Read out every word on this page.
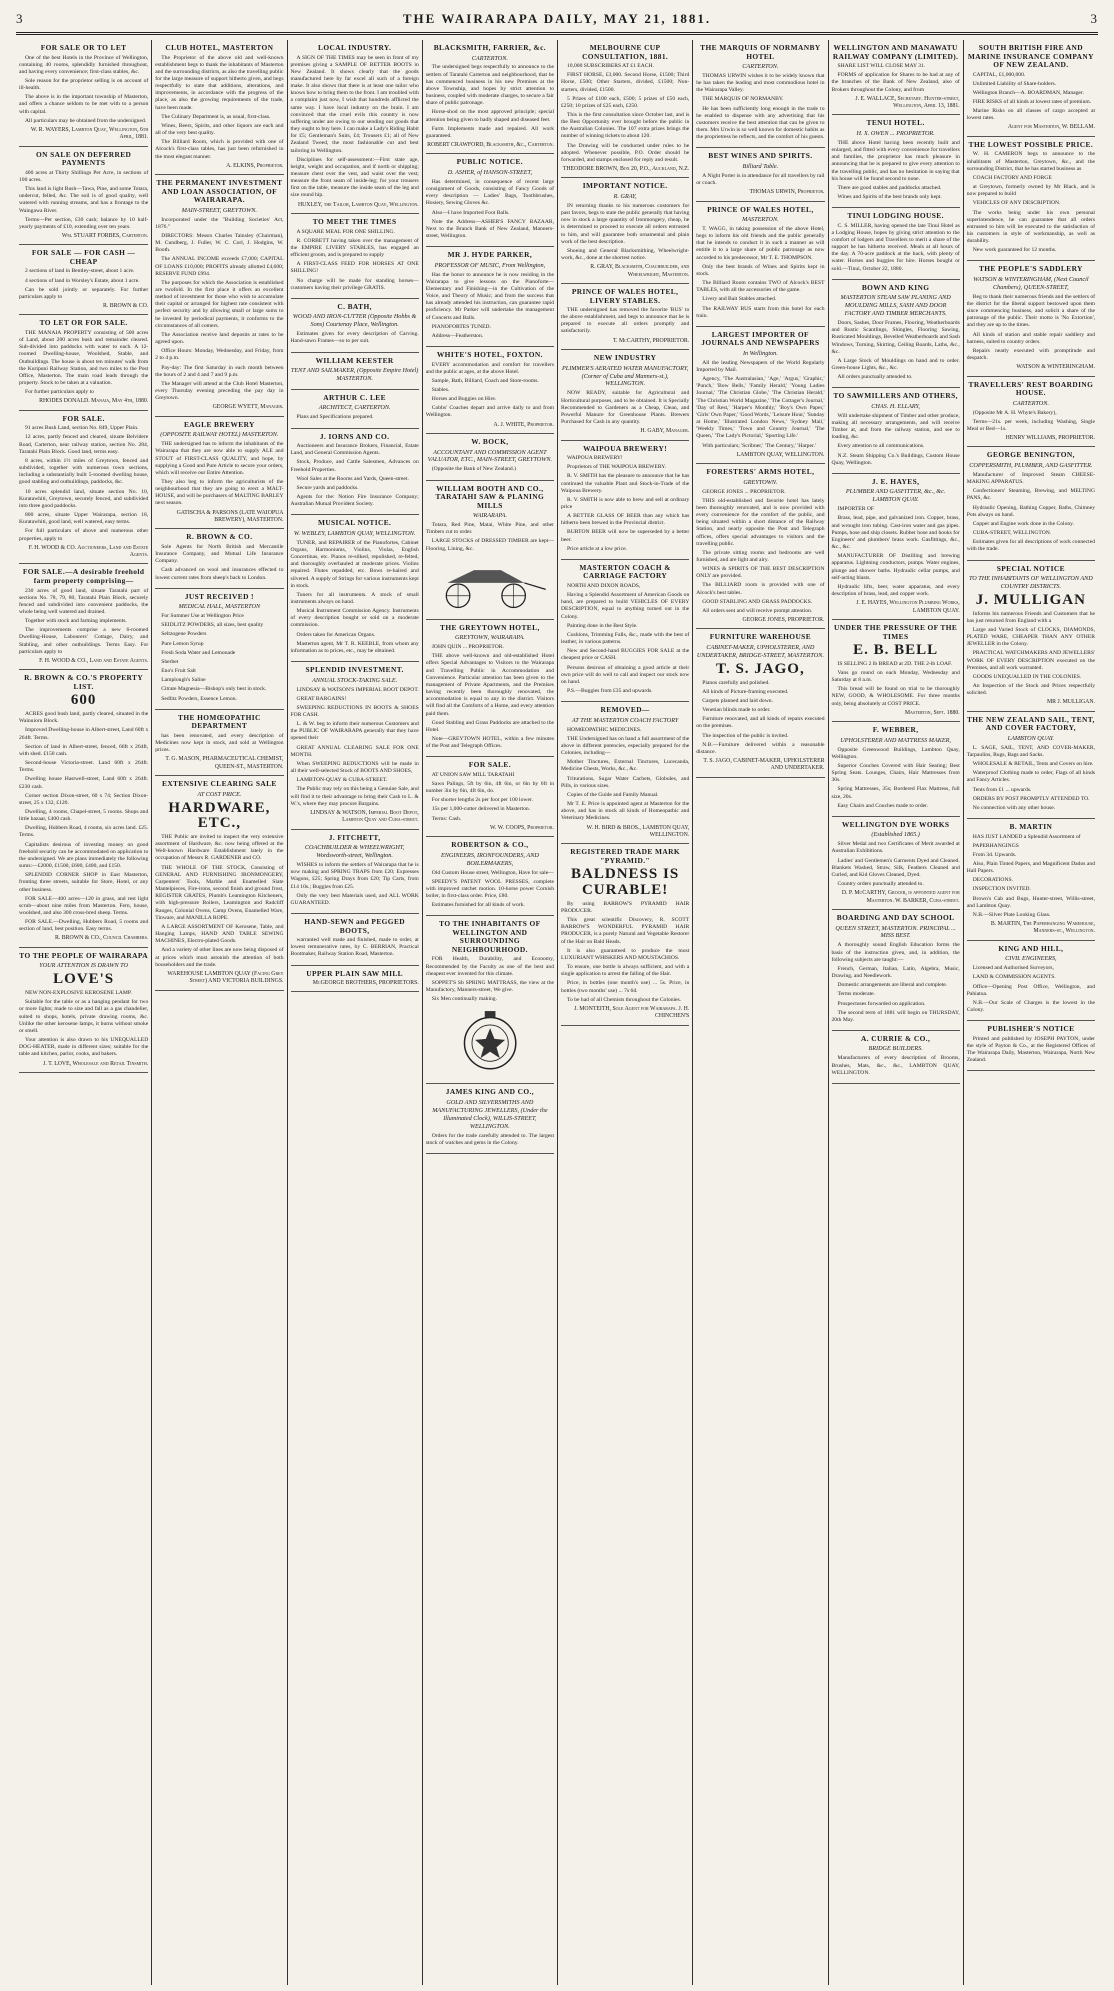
3	THE WAIRARAPA DAILY, MAY 21, 1881.	3
FOR SALE OR TO LET

One of the best Hotels in the Province of Wellington, containing 40 rooms, splendidly furnished throughout, and having every convenience; first-class stables, &c.

Sole reason for the proprietor selling is on account of ill-health.

The above is in the important township of Masterton, and offers a chance seldom to be met with to a person with capital.

All particulars may be obtained from the undersigned.

W. R. WAYERS, Lambton Quay, Wellington, 6th April, 1881.
ON SALE ON DEFERRED PAYMENTS

400 acres at Thirty Shillings Per Acre, in sections of 100 acres.

This land is light Bush—Tawa, Pine, and some Totara, undercut, felled, &c. The soil is of good quality, well watered with running streams, and has a frontage to the Waingawa River.

Terms—Per section, £30 cash; balance by 10 half-yearly payments of £10, extending over ten years.

Wm. STUART FORBES, Carterton.
FOR SALE — FOR CASH — CHEAP

2 sections of land in Bentley-street, about 1 acre.

4 sections of land in Worsley's Estate, about 1 acre.

Can be sold jointly or separately. For further particulars apply to

R. BROWN & CO.
TO LET OR FOR SALE.

THE MANAIA PROPERTY consisting of 500 acres of Land, about 200 acres bush and remainder cleared. Sub-divided into paddocks with water to each. A 12-roomed Dwelling-house, Woolshed, Stable, and Outbuildings. The house is about ten minutes' walk from the Kuripuni Railway Station, and two miles to the Post Office, Masterton. The main road leads through the property. Stock to be taken at a valuation.

For further particulars apply to

RHODES DONALD. Manaia, May 4th, 1880.
FOR SALE.

91 acres Bush Land, section No. 849, Upper Plain.

12 acres, partly fenced and cleared, situate Belvidere Road, Carterton, near railway station, section No. 284, Taratahi Plain Block. Good land, terms easy.

8 acres, within 1½ miles of Greytown, fenced and subdivided, together with numerous town sections, including a substantially built 5-roomed dwelling house, good stabling and outbuildings, paddocks, &c.

10 acres splendid land, situate section No. 10, Kuratawhiti, Greytown, securely fenced, and subdivided into three good paddocks.

800 acres, situate Upper Wairarapa, section 18, Kuratawhiti, good land, well watered, easy terms.

For full particulars of above and numerous other properties, apply to

F. H. WOOD & CO. Auctioneers, Land and Estate Agents.
FOR SALE.—A desirable freehold farm property comprising—

230 acres of good land, situate Taratahi part of sections No. 78, 79, 80, Taratahi Plain Block, securely fenced and subdivided into convenient paddocks, the whole being well watered and drained.

Together with stock and farming implements.

The improvements comprise a new 6-roomed Dwelling-House, Labourers' Cottage, Dairy, and Stabling, and other outbuildings. Terms Easy. For particulars apply to

F. H. WOOD & CO., Land and Estate Agents.
R. BROWN & CO.'S PROPERTY LIST.
600

ACRES good bush land, partly cleared, situated in the Wainuioru Block.

Improved Dwelling-house in Albert-street, Land 60ft x 264ft. Terms.

Section of land in Albert-street, fenced, 66ft x 264ft, with shed. £150 cash.

Second-house Victoria-street. Land 60ft x 264ft. Terms.

Dwelling house Hastwell-street, Land 60ft x 264ft. £230 cash.

Corner section Dixon-street, 60 x 74; Section Dixon-street, 25 x 132, £120.

Dwelling, 4 rooms, Chapel-street, 5 rooms. Shops and little bazaar, £400 cash.

Dwelling, Hubbers Road, 4 rooms, six acres land. £25. Terms.

Capitalists desirous of investing money on good freehold security can be accommodated on application to the undersigned. We are plans immediately the following sums:—£2000, £1500, £600, £400, and £150.

SPLENDID CORNER SHOP in East Masterton, fronting three streets, suitable for Store, Hotel, or any other business.

FOR SALE—400 acres—120 in grass, and rest light scrub—about nine miles from Masterton. Fern, house, woolshed, and also 300 cross-bred sheep. Terms.

FOR SALE.—Dwelling, Hubbers Road, 5 rooms and section of land, best position. Easy terms.

R. BROWN & CO., Council Chambers.
TO THE PEOPLE OF WAIRARAPA
YOUR ATTENTION IS DRAWN TO
LOVE'S

NEW NON-EXPLOSIVE KEROSENE LAMP.

Suitable for the table or as a hanging pendant for two or more lights; made to size and fall as a gas chandelier, suited to shops, hotels, private drawing rooms, &c. Unlike the other kerosene lamps, it burns without smoke or smell.

Your attention is also drawn to his UNEQUALLED DOG-HEATER, made in different sizes; suitable for the table and kitchen, parlor, cooks, and bakers.

J. T. LOVE, Wholesale and Retail Tinsmith.
CLUB HOTEL, MASTERTON

The Proprietor of the above old and well-known establishment begs to thank the inhabitants of Masterton and the surrounding districts, as also the travelling public for the large measure of support hitherto given, and begs respectfully to state that additions, alterations, and improvements, in accordance with the progress of the place, as also the growing requirements of the trade, have been made.

The Culinary Department is, as usual, first-class.

Wines, Beers, Spirits, and other liquors are each and all of the very best quality.

The Billiard Room, which is provided with one of Alcock's first-class tables, has just been refurnished in the most elegant manner.

A. ELKINS, Proprietor.
THE PERMANENT INVESTMENT AND LOAN ASSOCIATION, OF WAIRARAPA.
MAIN-STREET, GREYTOWN.

Incorporated under the "Building Societies' Act, 1876."

DIRECTORS: Messrs Charles Tainsley (Chairman), M. Cundberg, J. Fuller, W. C. Corl, J. Hodgins, W. Booth.

The ANNUAL INCOME exceeds £7,000; CAPITAL OF LOANS £10,000; PROFITS already allotted £4,600; RESERVE FUND £994.

The purposes for which the Association is established are twofold. In the first place it offers an excellent method of investment for those who wish to accumulate their capital or arranged for highest rate consistent with perfect security and by allowing small or large sums to be invested by periodical payments, it conforms to the circumstances of all comers.

The Association receive land deposits at rates to be agreed upon.

Office Hours: Monday, Wednesday, and Friday, from 2 to 4 p.m.

Pay-day: The first Saturday in each month between the hours of 2 and 4 and 7 and 9 p.m.

The Manager will attend at the Club Hotel Masterton, every Thursday evening preceding the pay day in Greytown.

GEORGE WYETT, Manager.
EAGLE BREWERY
(OPPOSITE RAILWAY HOTEL) MASTERTON.

THE undersigned has to inform the inhabitants of the Wairarapa that they are now able to supply ALE and STOUT of FIRST-CLASS QUALITY, and hope, by supplying a Good and Pure Article to secure your orders, which will receive our Entire Attention.

They also beg to inform the agriculturists of the neighbourhood that they are going to erect a MALT-HOUSE, and will be purchasers of MALTING BARLEY next season.

GATISCHA & PARSONS (LATE WAIOPUA BREWERY), MASTERTON.
R. BROWN & CO.

Sole Agents for North British and Mercantile Insurance Company, and Mutual Life Insurance Company.

Cash advanced on wool and insurances effected to lowest current rates from sheep's back to London.

JUST RECEIVED !
MEDICAL HALL, MASTERTON

For Summer Use at Wellington Price

SEIDLITZ POWDERS, all sizes, best quality

Seltzogene Powders

Pure Lemon Syrup

Fresh Soda Water and Lemonade

Sherbet

Eno's Fruit Salt

Lamplough's Saline

Citrate Magnesia—Bishop's only best in stock.

Sedlitz Powders, Essence Lemon.

THE HOMŒOPATHIC DEPARTMENT

has been renovated, and every description of Medicines now kept in stock, and sold at Wellington prices.

T. G. MASON, PHARMACEUTICAL CHEMIST, QUEEN-ST., MASTERTON.
EXTENSIVE CLEARING SALE
AT COST PRICE.
HARDWARE, ETC.,

THE Public are invited to inspect the very extensive assortment of Hardware, &c. now being offered at the Well-known Hardware Establishment lately in the occupation of Messrs R. GARDENER and CO.

THE WHOLE OF THE STOCK, Consisting of GENERAL AND FURNISHING IRONMONGERY, Carpenters' Tools, Marble and Enamelled Slate Mantelpieces, Fire-irons, second finish and ground frost, REGISTER GRATES, Plumb's Leamington Kitcheners, with high-pressure Boilers, Leamington and Radcliff Ranges, Colonial Ovens, Camp Ovens, Enamelled Ware, Tinware, and MANILLA ROPE.

A LARGE ASSORTMENT OF Kerosene, Table, and Hanging Lamps, HAND AND TABLE SEWING MACHINES, Electro-plated Goods.

And a variety of other lines are now being disposed of at prices which must astonish the attention of both householders and the trade.

WAREHOUSE LAMBTON QUAY (Facing Grey Street) AND VICTORIA BUILDINGS.
LOCAL INDUSTRY.

A SIGN OF THE TIMES may be seen in front of my premises giving a SAMPLE OF BETTER BOOTS in New Zealand. It shows clearly that the goods manufactured here by far excel all such of a foreign make. It also shows that there is at least one tailor who knows how to bring them to the front. I am troubled with a complaint just now, I wish that hundreds afflicted the same way. I have local industry on the brain. I am convinced that the cruel evils this country is now suffering under are owing to our sending our goods that they ought to buy here. I can make a Lady's Riding Habit for £5; Gentleman's Suits, £4; Trousers £1; all of New Zealand Tweed, the most fashionable cut and best tailoring in Wellington.

Disciplines for self-assessment:—First state age, height, weight and occupation, and if north or shipping; measure chest over the vest, and waist over the vest; measure the front seam of inside-leg; for your trousers first on the table, measure the inside seam of the leg and size round hip.

HUXLEY, the Tailor, Lambton Quay, Wellington.
TO MEET THE TIMES

A SQUARE MEAL FOR ONE SHILLING.

R. CORBETT having taken over the management of the EMPIRE LIVERY STABLES, has engaged an efficient groom, and is prepared to supply

A FIRST-CLASS FEED FOR HORSES AT ONE SHILLING!

No charge will be made for standing horses—customers having their privilege GRATIS.

C. BATH,
WOOD AND IRON-CUTTER (Opposite Hobbs & Sons) Courtenay Place, Wellington.

Estimates given for every description of Carving. Hand-sawn Frames—so to per suit.

WILLIAM KEESTER
TENT AND SAILMAKER, (Opposite Empire Hotel) MASTERTON.
ARTHUR C. LEE
ARCHITECT, CARTERTON.

Plans and Specifications prepared.

J. IORNS AND CO.

Auctioneers and Insurance Brokers, Financial, Estate Land, and General Commission Agents.

Stock, Produce, and Cattle Salesmen, Advances on Freehold Properties.

Wool Sales at the Rooms and Yards, Queen-street.

Secure yards and paddocks.

Agents for the: Notion Fire Insurance Company; Australian Mutual Provident Society.

MUSICAL NOTICE.
W. WEBLEY, LAMBTON QUAY, WELLINGTON.

TUNER, and REPAIRER of the Pianofortes, Cabinet Organs, Harmoniums, Violins, Violas, English Concertinas, etc. Pianos re-silked, repolished, re-felted, and thoroughly overhauled at moderate prices. Violins repaired. Flutes repadded, etc. Bows re-haired and silvered. A supply of Strings for various instruments kept in stock.

Tuners for all instruments. A stock of small instruments always on hand.

Musical Instrument Commission Agency. Instruments of every description bought or sold on a moderate commission.

Orders taken for American Organs.

Masterton agent, Mr T. R. KEEBLE, from whom any information as to prices, etc., may be obtained.

SPLENDID INVESTMENT.
ANNUAL STOCK-TAKING SALE.

LINDSAY & WATSON'S IMPERIAL BOOT DEPOT.

GREAT BARGAINS!

SWEEPING REDUCTIONS IN BOOTS & SHOES FOR CASH.

L. & W. beg to inform their numerous Customers and the PUBLIC OF WAIRARAPA generally that they have opened their

GREAT ANNUAL CLEARING SALE FOR ONE MONTH.

When SWEEPING REDUCTIONS will be made in all their well-selected Stock of BOOTS AND SHOES,

LAMBTON-QUAY & CUBA-STREET.

The Public may rely on this being a Genuine Sale, and will find it to their advantage to bring their Cash to L. & W.'s, where they may procure Bargains.

LINDSAY & WATSON, Imperial Boot Depot, Lambton Quay and Cuba-street.
J. FITCHETT,
COACHBUILDER & WHEELWRIGHT, Wordsworth-street, Wellington.

WISHES to inform the settlers of Wairarapa that he is now making and SPRING TRAPS from £20; Expresses Wagons, £25; Spring Drays from £20; Tip Carts, from £14 10s.; Buggies from £25.

Only the very best Materials used, and ALL WORK GUARANTEED.

HAND-SEWN and PEGGED BOOTS,

warranted well made and finished, made to order, at lowest remunerative rates, by C. BERRIAN, Practical Bootmaker, Railway Station Road, Masterton.

UPPER PLAIN SAW MILL
McGEORGE BROTHERS, PROPRIETORS.
BLACKSMITH, FARRIER, &c.
CARTERTON.

The undersigned begs respectfully to announce to the settlers of Taratahi Carterton and neighbourhood, that he has commenced business in his new Premises at the above Township, and hopes by strict attention to business, coupled with moderate charges, to secure a fair share of public patronage.

Horse-shod on the most approved principle; special attention being given to badly shaped and diseased feet.

Farm Implements made and repaired. All work guaranteed.

ROBERT CRAWFORD, Blacksmith, &c., Carterton.
PUBLIC NOTICE.
D. ASHER, of HANSON-STREET,

Has determined, in consequence of recent large consignment of Goods, consisting of Fancy Goods of every description — Ladies' Bags, Toothbrushes, Hosiery, Sewing Gloves &c.

Also—I have Imported Foot Balls.

Note the Address—ASHER'S FANCY BAZAAR, Next to the Branch Bank of New Zealand, Manners-street, Wellington.

MR J. HYDE PARKER,
PROFESSOR OF MUSIC, From Wellington,

Has the honor to announce he is now residing in the Wairarapa to give lessons on the Pianoforte—Elementary and Finishing—in the Cultivation of the Voice, and Theory of Music; and from the success that has already attended his instruction, can guarantee rapid proficiency. Mr Parker will undertake the management of Concerts and Balls.

PIANOFORTES TUNED.

Address—Featherston.

WHITE'S HOTEL, FOXTON.

EVERY accommodation and comfort for travellers and the public at ages, at the above Hotel.

Sample, Bath, Billiard, Coach and Store-rooms.

Stables.

Horses and Buggies on Hire.

Cobbs' Coaches depart and arrive daily to and from Wellington.

A. J. WHITE, Proprietor.
W. BOCK,
ACCOUNTANT AND COMMISSION AGENT VALUATOR, ETC., MAIN-STREET, GREYTOWN.

(Opposite the Bank of New Zealand.)

WILLIAM BOOTH AND CO., TARATAHI SAW & PLANING MILLS
WAIRARAPA.

Totara, Red Pine, Matai, White Pine, and other Timbers cut to order.

LARGE STOCKS of DRESSED TIMBER are kept—Flooring, Lining, &c.

THE GREYTOWN HOTEL,
GREYTOWN, WAIRARAPA.

JOHN QUIN ... PROPRIETOR.

THE above well-known and old-established Hotel offers Special Advantages to Visitors to the Wairarapa and Travelling Public in Accommodation and Convenience. Particular attention has been given to the management of Private Apartments, and the Premises having recently been thoroughly renovated, the accommodation is equal to any in the district. Visitors will find all the Comforts of a Home, and every attention paid them.

Good Stabling and Grass Paddocks are attached to the Hotel.

Note—GREYTOWN HOTEL, within a few minutes of the Post and Telegraph Offices.

FOR SALE.

AT UNION SAW MILL TARATAHI

Sawn Palings, 5ft by 6in, 4ft 6in, or 6in by 6ft in number 3in by 6in, 4ft 6in, do.

For shorter lengths 2s per foot per 100 lower.

15s per 1,000-cutter delivered in Masterton.

Terms: Cash.

W. W. COOPS, Proprietor.
ROBERTSON & CO.,
ENGINEERS, IRONFOUNDERS, AND BOILERMAKERS,

Old Custom House street, Wellington, Have for sale—

SPEEDY'S PATENT WOOL PRESSES, complete with improved ratchet motion. 10-horse power Cornish boiler, in first-class order. Price, £80.

Estimates furnished for all kinds of work.

TO THE INHABITANTS OF WELLINGTON AND SURROUNDING NEIGHBOURHOOD.

FOR Health, Durability, and Economy, Recommended by the Faculty as one of the best and cheapest ever invented for this climate.

SOPPET'S Sb SPRING MATTRASS, the view at the Manufactory, Manners-street, We give.

Six Men continually making.

JAMES KING AND CO.,
GOLD AND SILVERSMITHS AND MANUFACTURING JEWELLERS, (Under the Illuminated Clock), WILLIS-STREET, WELLINGTON.

Orders for the trade carefully attended to. The largest stock of watches and gems in the Colony.

MELBOURNE CUP CONSULTATION, 1881.

10,000 SUBSCRIBERS AT £1 EACH.

FIRST HORSE, £3,000. Second Horse, £1500; Third Horse, £500; Other Starters, divided, £1500; Non-starters, divided, £1500.

5 Prizes of £100 each, £500; 5 prizes of £50 each, £250; 10 prizes of £25 each, £250.

This is the first consultation since October last, and is the Best Opportunity ever brought before the public in the Australian Colonies. The 107 extra prizes brings the number of winning tickets to about 120.

The Drawing will be conducted under rules to be adopted. Whenever possible, P.O. Order should be forwarded, and stamps enclosed for reply and result.

THEODORE BROWN, Box 20, P.O., Auckland, N.Z.
IMPORTANT NOTICE.
R. GRAY,

IN returning thanks to his numerous customers for past favors, begs to state the public generally that having now in stock a large quantity of Ironmongery, cheap, he is determined to proceed to execute all orders entrusted to him, and will guarantee both ornamental and plain work of the best description.

Shoeing and General Blacksmithing, Wheelwright-work, &c., done at the shortest notice.

R. GRAY, Blacksmith, Coachbuilder, and Wheelwright, Masterton.
PRINCE OF WALES HOTEL, LIVERY STABLES.

THE undersigned has removed the favorite 'BUS' to the above establishment, and begs to announce that he is prepared to execute all orders promptly and satisfactorily.

T. McCARTHY, PROPRIETOR.
NEW INDUSTRY
PLIMMER'S AERATED WATER MANUFACTORY, (Corner of Cuba and Manners-st.), WELLINGTON.

NOW READY, suitable for Agricultural and Horticultural purposes, and to be obtained. It is Specially Recommended to Gardeners as a Cheap, Clean, and Powerful Manure for Greenhouse Plants. Brewers Purchased for Cash in any quantity.

H. GABY, Manager.
WAIPOUA BREWERY!

WAIPOUA BREWERY!

Proprietors of THE WAIPOUA BREWERY.

R. V. SMITH has the pleasure to announce that he has continued the valuable Plant and Stock-in-Trade of the Waipoua Brewery.

R. V. SMITH is now able to brew and sell at ordinary price

A BETTER GLASS OF BEER than any which has hitherto been brewed in the Provincial district.

BURTON BEER will now be superseded by a better beer.

Price article at a low price.

MASTERTON COACH & CARRIAGE FACTORY

NORTH AND DIXON ROADS,

Having a Splendid Assortment of American Goods on hand, are prepared to build VEHICLES OF EVERY DESCRIPTION, equal to anything turned out in the Colony.

Painting done in the Best Style.

Cushions, Trimming Falls, &c., made with the best of leather, in various patterns.

New and Second-hand BUGGIES FOR SALE at the cheapest price or CASH.

Persons desirous of obtaining a good article at their own price will do well to call and inspect our stock now on hand.

P.S.—Buggies from £35 and upwards.

REMOVED—
AT THE MASTERTON COACH FACTORY

HOMŒOPATHIC MEDICINES.

THE Undersigned has on hand a full assortment of the above in different potencies, especially prepared for the Colonies, including—

Mother Tinctures, External Tinctures, Lucecanda, Medicine Chests, Works, &c., &c.

Triturations, Sugar Water Cachets, Globules, and Pills, in various sizes.

Copies of the Guide and Family Manual.

Mr T. E. Price is appointed agent at Masterton for the above, and has in stock all kinds of Homeopathic and Veterinary Medicines.

W. H. BIRD & BROS., LAMBTON QUAY, WELLINGTON.
REGISTERED TRADE MARK "PYRAMID."
BALDNESS IS CURABLE!

By using BARROW'S PYRAMID HAIR PRODUCER.

This great scientific Discovery, R. SCOTT BARROW'S WONDERFUL PYRAMID HAIR PRODUCER, is a purely Natural and Vegetable Restorer of the Hair on Bald Heads.

It is also guaranteed to produce the most LUXURIANT WHISKERS AND MOUSTACHIOS.

To ensure, one bottle is always sufficient, and with a single application to arrest the falling of the Hair.

Price, in bottles (one month's use) ... 5s. Price, in bottles (two months' use) ... 7s 6d.

To be had of all Chemists throughout the Colonies.

J. MONTEITH, Sole Agent for Wairarapa. J. H. CHINCHEN'S
THE MARQUIS OF NORMANBY HOTEL
CARTERTON.

THOMAS URWIN wishes it to be widely known that he has taken the leading and most commodious hotel in the Wairarapa Valley.

THE MARQUIS OF NORMANBY.

He has been sufficiently long enough in the trade to be enabled to dispense with any advertising that his customers receive the best attention that can be given to them. Mrs Urwin is so well known for domestic habits as the proprietress he reflects, and the comfort of his guests.

BEST WINES AND SPIRITS.
Billiard Table.

A Night Porter is in attendance for all travellers by rail or coach.

THOMAS URWIN, Proprietor.
PRINCE OF WALES HOTEL,
MASTERTON.

T. WAGG, in taking possession of the above Hotel, begs to inform his old friends and the public generally that he intends to conduct it in such a manner as will entitle it to a large share of public patronage as now accorded to his predecessor, Mr T. E. THOMPSON.

Only the best brands of Wines and Spirits kept in stock.

The Billiard Room contains TWO of Alcock's BEST TABLES, with all the accessories of the game.

Livery and Bait Stables attached.

The RAILWAY BUS starts from this hotel for each train.

LARGEST IMPORTER OF JOURNALS AND NEWSPAPERS
In Wellington.

All the leading Newspapers of the World Regularly Imported by Mail.

Agency, 'The Australasian,' 'Age,' 'Argus,' 'Graphic,' 'Punch,' 'Bow Bells,' 'Family Herald,' 'Young Ladies Journal,' 'The Christian Globe,' 'The Christian Herald,' 'The Christian World Magazine,' 'The Cottager's Journal,' 'Day of Rest,' 'Harper's Monthly,' 'Boy's Own Paper,' 'Girls' Own Paper,' 'Good Words,' 'Leisure Hour,' 'Sunday at Home,' 'Illustrated London News,' 'Sydney Mail,' 'Weekly Times,' 'Town and Country Journal,' 'The Queen,' 'The Lady's Pictorial,' 'Sporting Life.'

With particulars; 'Scribner,' 'The Century,' 'Harper.'

LAMBTON QUAY, WELLINGTON.
FORESTERS' ARMS HOTEL,
GREYTOWN.

GEORGE JONES ... PROPRIETOR.

THIS old-established and favorite hotel has lately been thoroughly renovated, and is now provided with every convenience for the comfort of the public, and being situated within a short distance of the Railway Station, and nearly opposite the Post and Telegraph offices, offers special advantages to visitors and the travelling public.

The private sitting rooms and bedrooms are well furnished, and are light and airy.

WINES & SPIRITS OF THE BEST DESCRIPTION ONLY are provided.

The BILLIARD room is provided with one of Alcock's best tables.

GOOD STABLING AND GRASS PADDOCKS.

All orders sent and will receive prompt attention.

GEORGE JONES, PROPRIETOR.
FURNITURE WAREHOUSE
CABINET-MAKER, UPHOLSTERER, AND UNDERTAKER, BRIDGE-STREET, MASTERTON.
T. S. JAGO,

Pianos carefully and polished.

All kinds of Picture-framing executed.

Carpets planned and laid down.

Venetian blinds made to order.

Furniture renovated, and all kinds of repairs executed on the premises.

The inspection of the public is invited.

N.B.—Furniture delivered within a reasonable distance.

T. S. JAGO, CABINET-MAKER, UPHOLSTERER AND UNDERTAKER.
WELLINGTON AND MANAWATU RAILWAY COMPANY (LIMITED).

SHARE LIST WILL CLOSE MAY 31.

FORMS of application for Shares to be had at any of the branches of the Bank of New Zealand, also of Brokers throughout the Colony, and from

J. E. WALLACE, Secretary. Hunter-street, Wellington, April 13, 1881.
TENUI HOTEL.
H. X. OWEN ... PROPRIETOR.

THE above Hotel having been recently built and enlarged, and fitted with every convenience for travellers and families, the proprietor has much pleasure in announcing that he is prepared to give every attention to the travelling public, and has no hesitation in saying that his house will be found second to none.

There are good stables and paddocks attached.

Wines and Spirits of the best brands only kept.

TINUI LODGING HOUSE.

C. S. MILLER, having opened the late Tinui Hotel as a Lodging House, hopes by giving strict attention to the comfort of lodgers and Travellers to merit a share of the support he has hitherto received. Meals at all hours of the day. A 70-acre paddock at the back, with plenty of water. Horses and buggies for hire. Horses bought or sold.—Tinui, October 22, 1880.

BOWN AND KING
MASTERTON STEAM SAW PLANING AND MOULDING MILLS, SASH AND DOOR FACTORY AND TIMBER MERCHANTS.

Doors, Sashes, Door Frames, Flooring, Weatherboards and Rustic Scantlings, Shingles, Flooring Sawing, Rusticated Mouldings, Bevelled Weatherboards and Sash Windows, Turning, Skirting, Ceiling Boards, Laths, &c., &c.

A Large Stock of Mouldings on hand and to order. Green-house Lights, &c., &c.

All orders punctually attended to.

TO SAWMILLERS AND OTHERS,
CHAS. H. ELLARY,

Will undertake shipment of Timber and other produce, making all necessary arrangements, and will receive Timber at, and from the railway station, and see to loading, &c.

Every attention to all communications.

N.Z. Steam Shipping Co.'s Buildings, Custom House Quay, Wellington.

J. E. HAYES,
PLUMBER AND GASFITTER, &c., &c. LAMBTON QUAY.

IMPORTER OF

Brass, lead, pipe, and galvanized iron. Copper, brass, and wrought iron tubing. Cast-iron water and gas pipes. Pumps, hose and ship closets. Rubber hose and hooks for Engineers' and plumbers' brass work. Gasfittings, &c., &c., &c.

MANUFACTURER OF Distilling and brewing apparatus. Lightning conductors, pumps. Water engines, plunge and shower baths. Hydraulic cellar pumps, and self-acting blasts.

Hydraulic lifts, beer, water apparatus, and every description of brass, lead, and copper work.

J. E. HAYES, Wellington Plumbing Works, LAMBTON QUAY.
UNDER THE PRESSURE OF THE TIMES
E. B. BELL

IS SELLING 2 lb BREAD at 2D. THE 2-lb LOAF.

Vans go round on each Monday, Wednesday and Saturday at 8 a.m.

This bread will be found on trial to be thoroughly NEW, GOOD, & WHOLESOME. For three months only, being absolutely at COST PRICE.

Masterton, Sept. 1880.
F. WEBBER,
UPHOLSTERER AND MATTRESS MAKER,

Opposite Greenwood Buildings, Lambton Quay, Wellington.

Superior Couches Covered with Hair Seating; Best Spring Seats. Lounges, Chairs, Hair Mattresses from 30s.

Spring Mattresses, 35s; Bordered Flax Mattress, full size, 20s.

Easy Chairs and Couches made to order.

WELLINGTON DYE WORKS
(Established 1865.)

Silver Medal and two Certificates of Merit awarded at Australian Exhibitions.

Ladies' and Gentlemen's Garments Dyed and Cleaned. Blankets Washed, Straw, Silk, Feathers Cleaned and Curled, and Kid Gloves Cleaned, Dyed.

Country orders punctually attended to.

D. P. McCARTHY, Grocer, is appointed agent for Masterton. W. BARKER, Cuba-street.
BOARDING AND DAY SCHOOL
QUEEN STREET, MASTERTON. PRINCIPAL ... MISS BEST.

A thoroughly sound English Education forms the basis of the instruction given, and, in addition, the following subjects are taught:—

French, German, Italian, Latin, Algebra, Music, Drawing, and Needlework.

Domestic arrangements are liberal and complete.

Terms moderate.

Prospectuses forwarded on application.

The second term of 1881 will begin on THURSDAY, 20th May.

A. CURRIE & CO.,
BRIDGE BUILDERS.

Manufacturers of every description of Brooms, Brushes, Mats, &c., &c., LAMBTON QUAY, WELLINGTON.

SOUTH BRITISH FIRE AND MARINE INSURANCE COMPANY OF NEW ZEALAND.

CAPITAL, £1,000,000.

Unlimited Liability of Share-holders.

Wellington Branch—A. BOARDMAN, Manager.

FIRE RISKS of all kinds at lowest rates of premium.

Marine Risks on all classes of cargo accepted at lowest rates.

Agent for Masterton, W. BELLAM.
THE LOWEST POSSIBLE PRICE.

W. H. CAMERON begs to announce to the inhabitants of Masterton, Greytown, &c., and the surrounding District, that he has started business as

COACH FACTORY AND FORGE

at Greytown, formerly owned by Mr Black, and is now prepared to build

VEHICLES OF ANY DESCRIPTION.

The works being under his own personal superintendence, he can guarantee that all orders entrusted to him will be executed to the satisfaction of his customers in style of workmanship, as well as durability.

New work guaranteed for 12 months.

THE PEOPLE'S SADDLERY
WATSON & WINTERINGHAM, (Next Council Chambers), QUEEN-STREET,

Beg to thank their numerous friends and the settlers of the district for the liberal support bestowed upon them since commencing business, and solicit a share of the patronage of the public. Their motto is 'No Extortion', and they are up to the times.

All kinds of station and stable repair saddlery and harness, suited to country orders.

Repairs neatly executed with promptitude and despatch.

WATSON & WINTERINGHAM.
TRAVELLERS' REST BOARDING HOUSE.
CARTERTON.

(Opposite Mr A. H. Whyte's Bakery),

Terms—21s. per week, including Washing, Single Meal or Bed—1s.

HENRY WILLIAMS, PROPRIETOR.
GEORGE BENINGTON,
COPPERSMITH, PLUMBER, AND GASFITTER.

Manufacturer of Improved Steam CHEESE-MAKING APPARATUS.

Confectioners' Steaming, Brewing, and MELTING PANS, &c.

Hydraulic Opening, Bathing Copper, Baths, Chimney Pots always on hand.

Copper and Engine work done in the Colony.

CUBA-STREET, WELLINGTON.

Estimates given for all descriptions of work connected with the trade.

SPECIAL NOTICE
TO THE INHABITANTS OF WELLINGTON AND COUNTRY DISTRICTS.
J. MULLIGAN

Informs his numerous Friends and Customers that he has just returned from England with a

Large and Varied Stock of CLOCKS, DIAMONDS, PLATED WARE, CHEAPER THAN ANY OTHER JEWELLER in the Colony.

PRACTICAL WATCHMAKERS AND JEWELLERS' WORK OF EVERY DESCRIPTION executed on the Premises, and all work warranted.

GOODS UNEQUALLED IN THE COLONIES.

An Inspection of the Stock and Prices respectfully solicited.

MR J. MULLIGAN.
THE NEW ZEALAND SAIL, TENT, AND COVER FACTORY,
LAMBTON QUAY.

L. SAGE, SAIL, TENT, AND COVER-MAKER, Tarpaulins, Rugs, Bags and Sacks.

WHOLESALE & RETAIL, Tents and Covers on hire.

Waterproof Clothing made to order, Flags of all kinds and Fancy Articles.

Tents from £1 ... upwards.

ORDERS BY POST PROMPTLY ATTENDED TO.

No connection with any other house.

B. MARTIN

HAS JUST LANDED a Splendid Assortment of

PAPERHANGINGS

From 3d. Upwards.

Also, Plain Tinted Papers, and Magnificent Dados and Hall Papers.

DECORATIONS.

INSPECTION INVITED.

Brown's Cab and Bugs, Hunter-street, Willis-street, and Lambton Quay.

N.B.—Silver Plate Looking Glass.

B. MARTIN, The Paperhanging Warehouse, Manners-st., Wellington.
KING AND HILL,
CIVIL ENGINEERS,

Licensed and Authorised Surveyors,

LAND & COMMISSION AGENTS.

Office—Opening Post Office, Wellington, and Pahiatua.

N.B.—Our Scale of Charges is the lowest in the Colony.

PUBLISHER'S NOTICE

Printed and published by JOSEPH PAYTON, under the style of Payton & Co., at the Registered Offices of The Wairarapa Daily, Masterton, Wairarapa, North New Zealand.
